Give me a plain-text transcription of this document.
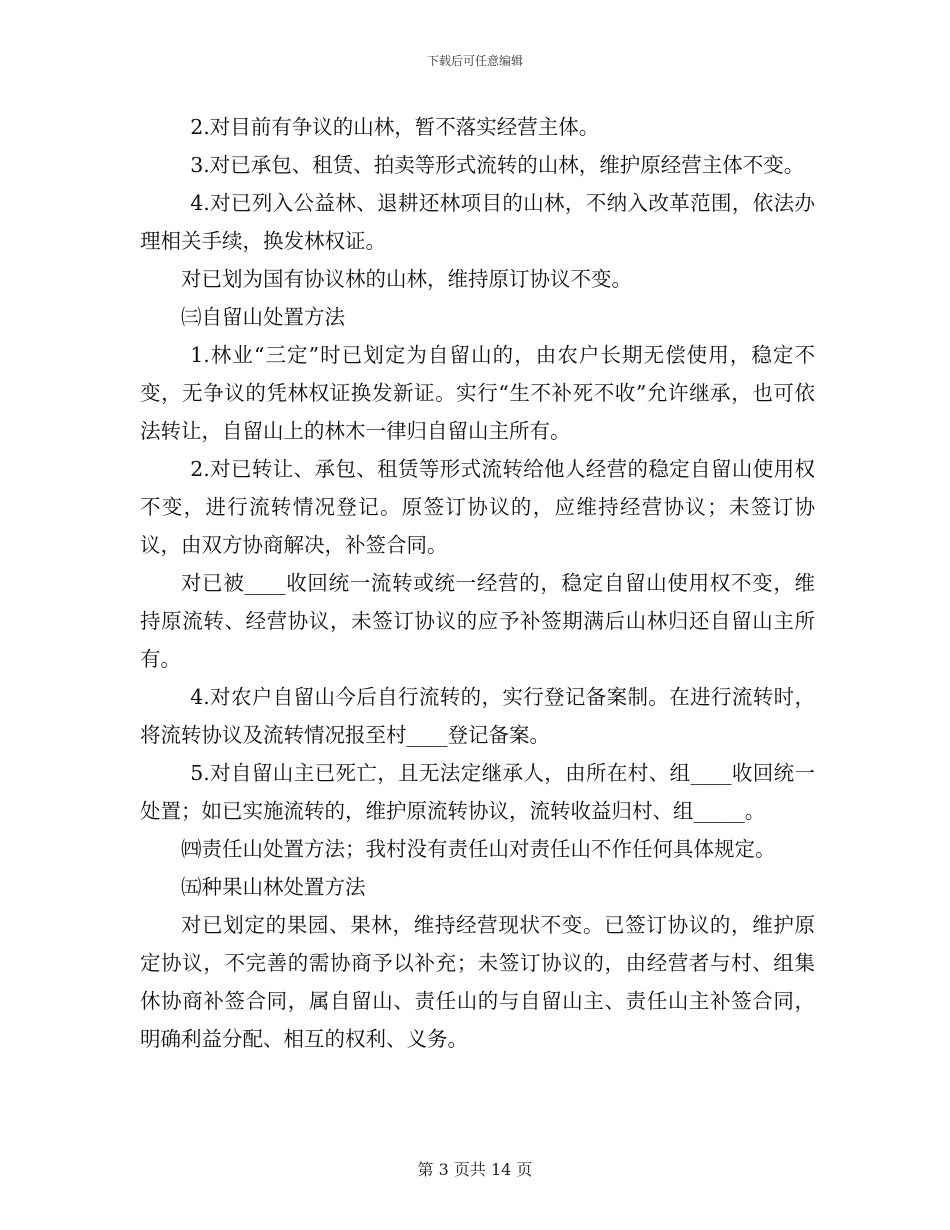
下载后可任意编辑

2.对目前有争议的山林，暂不落实经营主体。

3.对已承包、租赁、拍卖等形式流转的山林，维护原经营主体不变。

4.对已列入公益林、退耕还林项目的山林，不纳入改革范围，依法办理相关手续，换发林权证。

对已划为国有协议林的山林，维持原订协议不变。

㈢自留山处置方法

1.林业“三定”时已划定为自留山的，由农户长期无偿使用，稳定不变，无争议的凭林权证换发新证。实行“生不补死不收”允许继承，也可依法转让，自留山上的林木一律归自留山主所有。

2.对已转让、承包、租赁等形式流转给他人经营的稳定自留山使用权不变，进行流转情况登记。原签订协议的，应维持经营协议；未签订协议，由双方协商解决，补签合同。

对已被____收回统一流转或统一经营的，稳定自留山使用权不变，维持原流转、经营协议，未签订协议的应予补签期满后山林归还自留山主所有。

4.对农户自留山今后自行流转的，实行登记备案制。在进行流转时，将流转协议及流转情况报至村____登记备案。

5.对自留山主已死亡，且无法定继承人，由所在村、组____收回统一处置；如已实施流转的，维护原流转协议，流转收益归村、组_____。

㈣责任山处置方法；我村没有责任山对责任山不作任何具体规定。

㈤种果山林处置方法

对已划定的果园、果林，维持经营现状不变。已签订协议的，维护原定协议，不完善的需协商予以补充；未签订协议的，由经营者与村、组集休协商补签合同，属自留山、责任山的与自留山主、责任山主补签合同，明确利益分配、相互的权利、义务。

第 3 页共 14 页
